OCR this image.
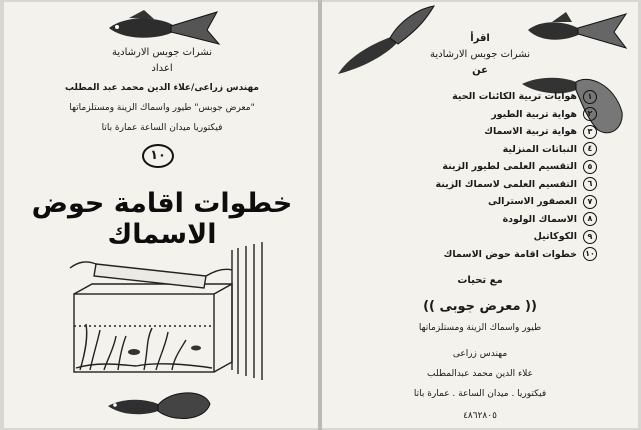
نشرات جوبس الارشادية
اعداد
مهندس زراعى/علاء الدين محمد عبد المطلب
"معرض جوبس" طيور واسماك الزينة ومستلزماتها
فيكتوريا ميدان الساعة عمارة باتا
١٠
خطوات اقامة حوض الاسماك
اقرأ
نشرات جوبس الارشادية
عن
١
هوايات تربية الكائنات الحية
٢
هواية تربية الطيور
٣
هواية تربية الاسماك
٤
النباتات المنزلية
٥
التقسيم العلمى لطيور الزينة
٦
التقسيم العلمى لاسماك الزينة
٧
العصفور الاسترالى
٨
الاسماك الولودة
٩
الكوكاتيل
١٠
خطوات اقامة حوض الاسماك
مع تحيات
(( معرض جوبى ))
طيور واسماك الزينة ومستلزماتها
مهندس زراعى
علاء الدين محمد عبدالمطلب
فيكتوريا . ميدان الساعة . عمارة باتا
٤٨٦٢٨٠٥
